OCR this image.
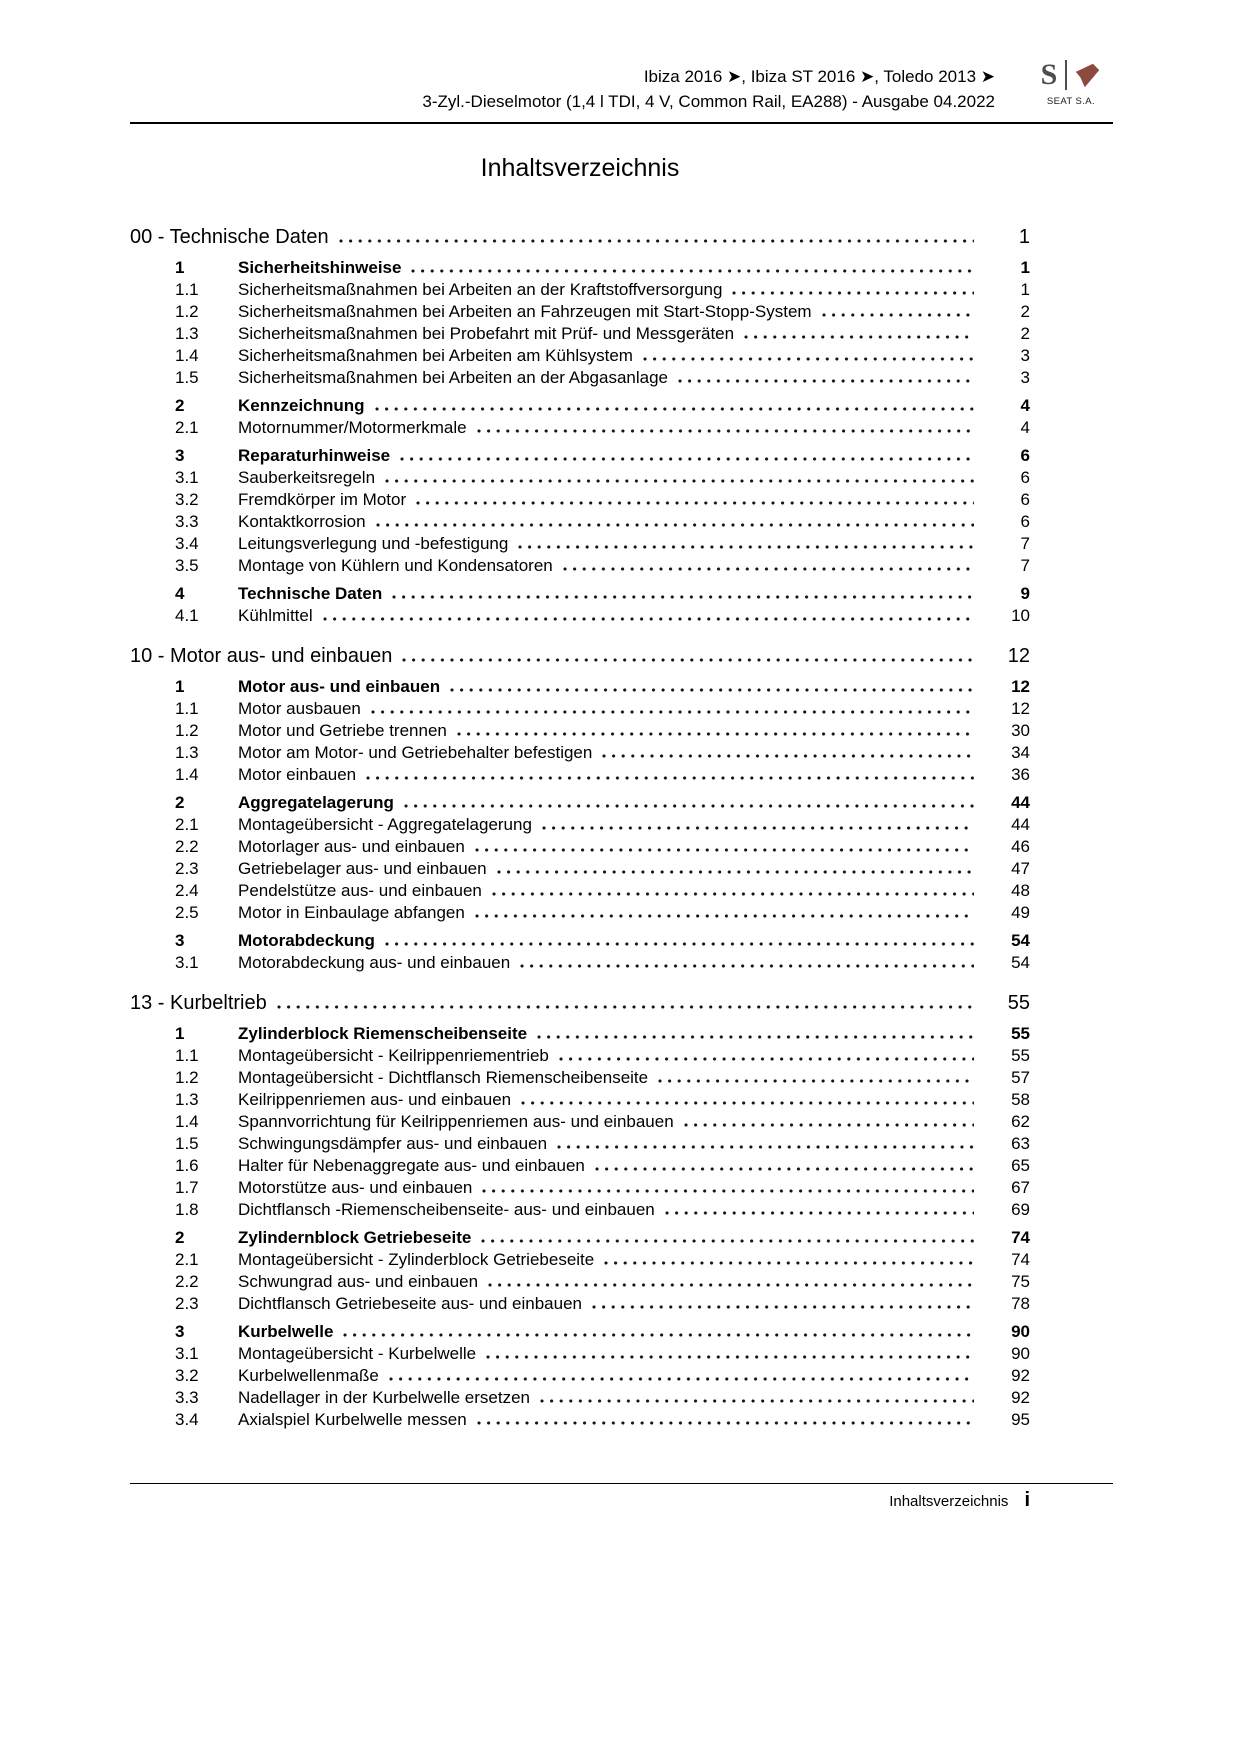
Ibiza 2016 ➤, Ibiza ST 2016 ➤, Toledo 2013 ➤
3-Zyl.-Dieselmotor (1,4 l TDI, 4 V, Common Rail, EA288) - Ausgabe 04.2022
S
SEAT S.A.
Inhaltsverzeichnis
00 - Technische Daten	1
1	Sicherheitshinweise	1
1.1	Sicherheitsmaßnahmen bei Arbeiten an der Kraftstoffversorgung	1
1.2	Sicherheitsmaßnahmen bei Arbeiten an Fahrzeugen mit Start-Stopp-System	2
1.3	Sicherheitsmaßnahmen bei Probefahrt mit Prüf- und Messgeräten	2
1.4	Sicherheitsmaßnahmen bei Arbeiten am Kühlsystem	3
1.5	Sicherheitsmaßnahmen bei Arbeiten an der Abgasanlage	3
2	Kennzeichnung	4
2.1	Motornummer/Motormerkmale	4
3	Reparaturhinweise	6
3.1	Sauberkeitsregeln	6
3.2	Fremdkörper im Motor	6
3.3	Kontaktkorrosion	6
3.4	Leitungsverlegung und -befestigung	7
3.5	Montage von Kühlern und Kondensatoren	7
4	Technische Daten	9
4.1	Kühlmittel	10
10 - Motor aus- und einbauen	12
1	Motor aus- und einbauen	12
1.1	Motor ausbauen	12
1.2	Motor und Getriebe trennen	30
1.3	Motor am Motor- und Getriebehalter befestigen	34
1.4	Motor einbauen	36
2	Aggregatelagerung	44
2.1	Montageübersicht - Aggregatelagerung	44
2.2	Motorlager aus- und einbauen	46
2.3	Getriebelager aus- und einbauen	47
2.4	Pendelstütze aus- und einbauen	48
2.5	Motor in Einbaulage abfangen	49
3	Motorabdeckung	54
3.1	Motorabdeckung aus- und einbauen	54
13 - Kurbeltrieb	55
1	Zylinderblock Riemenscheibenseite	55
1.1	Montageübersicht - Keilrippenriementrieb	55
1.2	Montageübersicht - Dichtflansch Riemenscheibenseite	57
1.3	Keilrippenriemen aus- und einbauen	58
1.4	Spannvorrichtung für Keilrippenriemen aus- und einbauen	62
1.5	Schwingungsdämpfer aus- und einbauen	63
1.6	Halter für Nebenaggregate aus- und einbauen	65
1.7	Motorstütze aus- und einbauen	67
1.8	Dichtflansch -Riemenscheibenseite- aus- und einbauen	69
2	Zylindernblock Getriebeseite	74
2.1	Montageübersicht - Zylinderblock Getriebeseite	74
2.2	Schwungrad aus- und einbauen	75
2.3	Dichtflansch Getriebeseite aus- und einbauen	78
3	Kurbelwelle	90
3.1	Montageübersicht - Kurbelwelle	90
3.2	Kurbelwellenmaße	92
3.3	Nadellager in der Kurbelwelle ersetzen	92
3.4	Axialspiel Kurbelwelle messen	95
Inhaltsverzeichnis i
